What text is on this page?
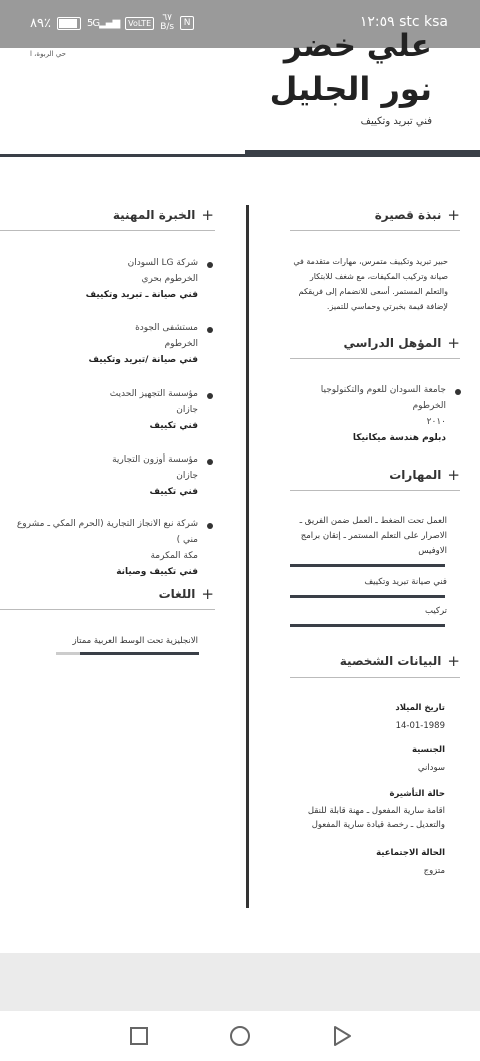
٨٩٪	5G▂▄▆	VoLTE	٦٧
B/s	N	١٢:٥٩ stc ksa
حي الربوة، ا	علي خضر
نور الجليل
فني تبريد وتكييف
+
نبذة قصيرة
حبير تبريد وتكييف متمرس، مهارات متقدمة في صيانة وتركيب المكيفات، مع شغف للابتكار والتعلم المستمر. أسعى للانضمام إلى فريقكم لإضافة قيمة بخبرتي وحماسي للتميز.
+
المؤهل الدراسي
جامعة السودان للعوم والتكنولوجيا
الخرطوم
٢٠١٠
دبلوم هندسة ميكانيكا
+
المهارات
العمل تحت الضغط ـ العمل ضمن الفريق ـ الاصرار على التعلم المستمر ـ إتقان برامج الاوفيس
فني صيانة تبريد وتكييف
تركيب
+
البيانات الشخصية
تاريخ الميلاد
14-01-1989
الجنسية
سوداني
حالة التأشيرة
اقامة سارية المفعول ـ مهنة قابلة للنقل والتعديل ـ رخصة قيادة سارية المفعول
الحالة الاجتماعية
متزوج
+
الخبرة المهنية
شركة LG السودان
الخرطوم بحري
فني صيانة ـ تبريد وتكييف
مستشفى الجودة
الخرطوم
فني صيانة /تبريد وتكييف
مؤسسة التجهيز الحديث
جازان
فني تكييف
مؤسسة أوزون التجارية
جازان
فني تكييف
شركة نبع الانجاز التجارية (الحرم المكي ـ مشروع مني )
مكة المكرمة
فني تكييف وصيانة
+
اللغات
الانجليزية تحت الوسط العربية ممتاز
